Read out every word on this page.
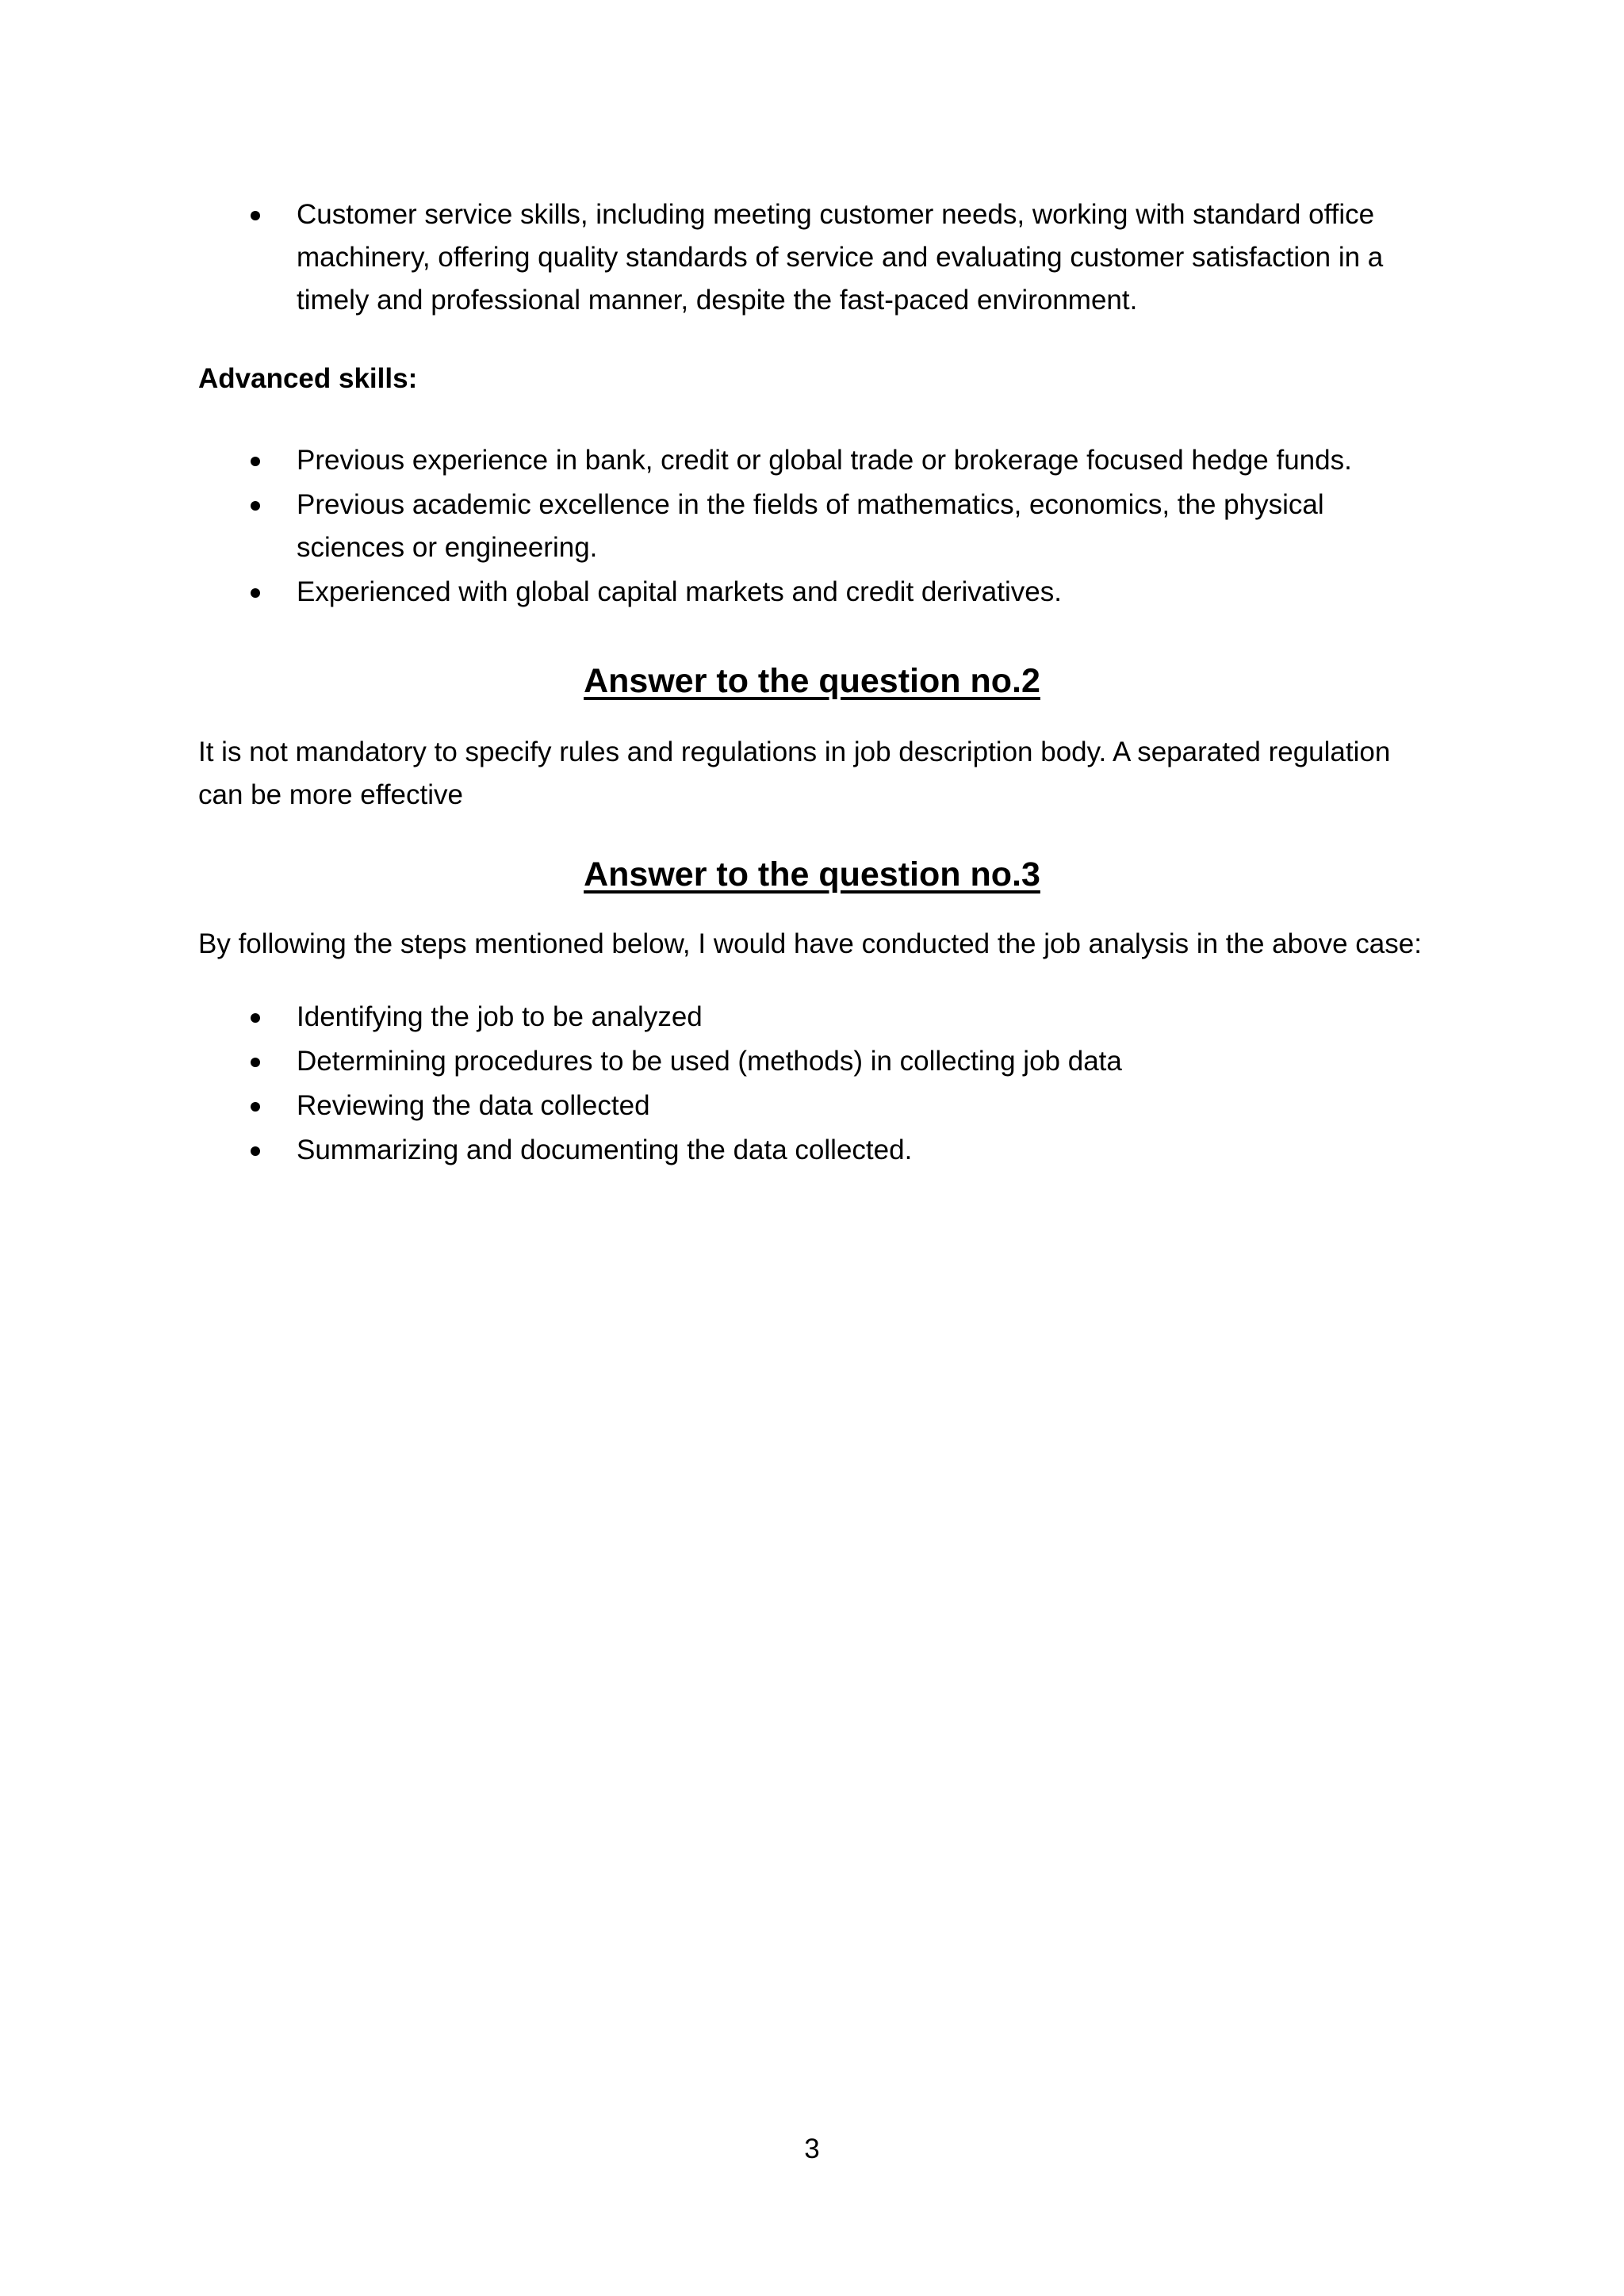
Customer service skills, including meeting customer needs, working with standard office machinery, offering quality standards of service and evaluating customer satisfaction in a timely and professional manner, despite the fast-paced environment.
Advanced skills:
Previous experience in bank, credit or global trade or brokerage focused hedge funds.
Previous academic excellence in the fields of mathematics, economics, the physical sciences or engineering.
Experienced with global capital markets and credit derivatives.
Answer to the question no.2
It is not mandatory to specify rules and regulations in job description body. A separated regulation can be more effective
Answer to the question no.3
By following the steps mentioned below, I would have conducted the job analysis in the above case:
Identifying the job to be analyzed
Determining procedures to be used (methods) in collecting job data
Reviewing the data collected
Summarizing and documenting the data collected.
3
